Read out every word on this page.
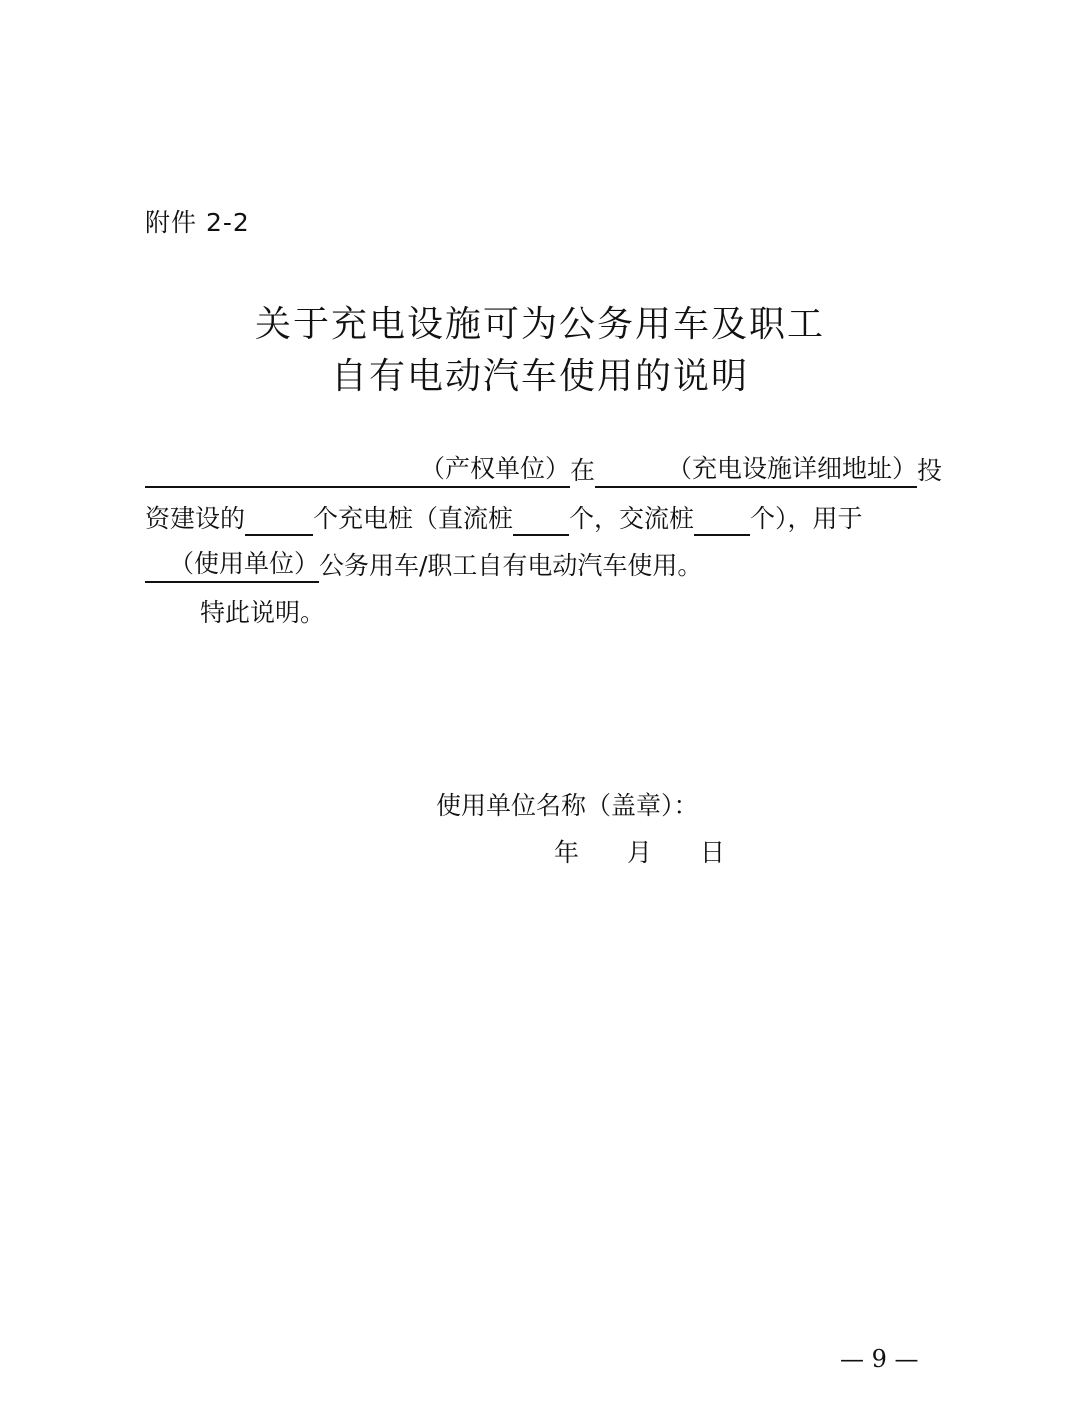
附件 2-2
关于充电设施可为公务用车及职工
自有电动汽车使用的说明
（产权单位） 在	（充电设施详细地址） 投
资建设的	个充电桩（直流桩 个，交流桩 个），用于
（使用单位） 公务用车/职工自有电动汽车使用。
特此说明。
使用单位名称（盖章）：
年 月 日
— 9 —
